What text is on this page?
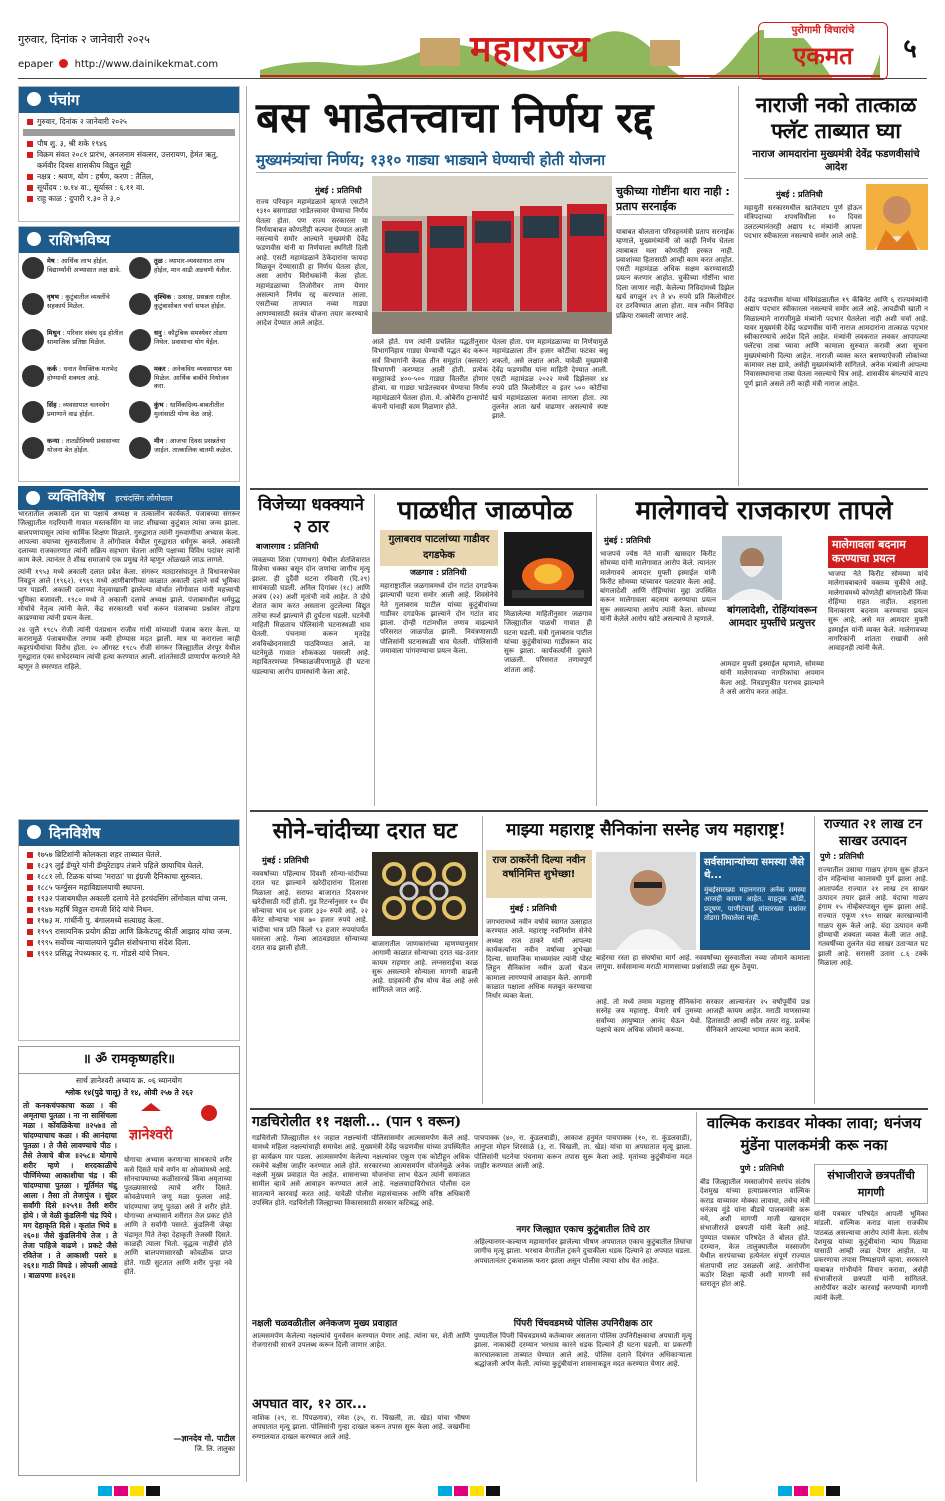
गुरुवार, दिनांक २ जानेवारी २०२५
epaper http://www.dainikekmat.com	महाराज्य	पुरोगामी विचारांचे
एकमत	५
पंचांग
गुरुवार, दिनांक २ जानेवारी २०२५
पौष शु. ३, श्री शके १९४६
विक्रम संवत २०८१ प्रारंभ, अनलनाम संवत्सर, उत्तरायण, हेमंत ऋतु, कर्मवीर दिवस शासकीय विद्युत सुट्टी
नक्षत्र : श्रवण, योग : हर्षण, करण : तैतिल,
सूर्योदय : ७.१४ वा., सूर्यास्त : ६.११ वा.
राहु काळ : दुपारी १.३० ते ३.०
राशिभविष्य
मेष : आर्थिक लाभ होईल. विद्यार्थ्यांनी अभ्यासात लक्ष द्यावे.
वृषभ : कुटुंबातील व्यक्तींचे सहकार्य मिळेल.
मिथुन : परिवार संबंध दृढ होतील सामाजिक प्रतिष्ठा मिळेल.
कर्क : धनात वैयक्तिक मतभेद होण्याची शक्यता आहे.
सिंह : व्यवसायात चलनवेग प्रमाणाने वाढ होईल.
कन्या : तातडीविषयी प्रवासाच्या योजना बेत होईल.
तुळ : व्यापार-व्यवसायात लाभ होईल, मान वाढी अडचणी येतील.
वृश्चिक : उत्साह, प्रसन्नता राहील. कुटुंबासोबत चर्चा सफल होईल.
धनु : कौटुंबिक समस्येवर तोडगा निघेल. प्रवासाचा योग येईल.
मकर : अनेकविध व्यवसायात यश मिळेल. आर्थिक बाबींचे नियोजन करा.
कुंभ : धार्मिकदिव्य-बाबतीतील मुलांसाठी योग्य वेळ आहे.
मीन : आजचा दिवस प्रसन्नतेचा जाईल. तात्कालिक बातमी कळेल.
व्यक्तिविशेष हरचंदसिंग लोंगोवाल

भारतातील अकाली दल या पक्षाचे अध्यक्ष व तत्कालीन कार्यकर्ते. पंजाबच्या संगरूर जिल्ह्यातील गदरियानी गावात मस्तकसिंग या जाट शीखच्या कुटुंबात त्यांचा जन्म झाला. बालपणापासून त्यांना धार्मिक शिक्षण मिळाले. गुरुद्वारात त्यांनी गुरुवाणीचा अभ्यास केला. आपल्या वयाच्या सुरुवातीलाच ते लोंगोवाल येथील गुरुद्वारात धर्मगुरू बनले. अकाली दलाच्या राजकारणात त्यांनी सक्रिय सहभाग घेतला आणि पक्षाच्या विविध पदांवर त्यांनी काम केले. त्यानंतर ते शीख समाजाचे एक प्रमुख नेते म्हणून ओळखले जाऊ लागले.

त्यांनी १९५३ मध्ये अकाली दलात प्रवेश केला. संगरूर मतदारसंघातून ते विधानसभेवर निवडून आले (१९६२). १९६९ मध्ये आणीबाणीच्या काळात अकाली दलाने सर्व भूमिका पार पाडली. अकाली दलाच्या नेतृत्वाखाली झालेल्या मोर्चात लोंगोवाल यांनी महत्त्वाची भूमिका बजावली. १९८० मध्ये ते अकाली दलाचे अध्यक्ष झाले. पंजाबमधील धर्मयुद्ध मोर्चाचे नेतृत्व त्यांनी केले. केंद्र सरकारशी चर्चा करून पंजाबच्या प्रश्नांवर तोडगा काढण्याचा त्यांनी प्रयत्न केला.

२४ जुलै १९८५ रोजी त्यांनी पंतप्रधान राजीव गांधी यांच्याशी पंजाब करार केला. या करारामुळे पंजाबमधील तणाव कमी होण्यास मदत झाली. मात्र या कराराला काही कट्टरपंथीयांचा विरोध होता. २० ऑगस्ट १९८५ रोजी संगरूर जिल्ह्यातील शेरपूर येथील गुरुद्वारात एका सभेदरम्यान त्यांची हत्या करण्यात आली. शांततेसाठी प्राणार्पण करणारे नेते म्हणून ते स्मरणात राहिले.

दिनविशेष
१७५७ ब्रिटिशांनी कोलकता शहर ताब्यात घेतले.
१८३९ लुई डॅग्युरे यांनी डॅग्युरेटाइप तंत्राने पहिले छायाचित्र घेतले.
१८८१ लो. टिळक यांच्या 'मराठा' चा इंग्रजी दैनिकाचा सुरुवात.
१८८५ फर्ग्युसन महाविद्यालयाची स्थापना.
१९३२ पंजाबमधील अकाली दलाचे नेते हरचंदसिंग लोंगोवाल यांचा जन्म.
१९४७ महर्षि विठ्ठल रामजी शिंदे यांचे निधन.
१९७३ म. गांधींनी पु. बंगालमध्ये सत्याग्रह केला.
१९५९ रासायनिक प्रयोग क्रीडा आणि क्रिकेटपटू कीर्ती आझाद यांचा जन्म.
१९९५ सर्वोच्च न्यायालयाने पुढील संशोधनाचा संदेश दिला.
१९९२ प्रसिद्ध नेपथ्यकार द. ग. गोडसे यांचे निधन.
॥ ॐ रामकृष्णहरि॥
सार्थ ज्ञानेश्वरी अध्याय क्र. ०६ ध्यानयोग
श्लोक १४(पुढे चालू) ते १४, ओवी २५७ ते २६२
तो कनकचंपकाचा कळा । की अमृताचा पुतळा । ना ना सासिंचला मळा । कोंवळिकेचा ॥२५७॥ तो चांदण्याचाच कळा । की आनंदाचा पुतळा । ते जैसे लावण्याचे पीठ । तैसे तेजाचे बीज ॥२५८॥ योगाचे शरीर म्हणे । शरदकाळीचे पौर्णिमेच्या आकाशीचा चंद्र । की चांदण्याचा पुतळा । मूर्तिमंत चंद्रु आला । तैसा तो तेजःपुंज । सुंदर सर्वांगी दिसे ॥२५९॥ तैसी शरीर होये । जे वेळी कुंडलिनी चंद्र पिये । मग देहाकृति दिसे । कृतांत भिये ॥२६०॥ जैसे कुंडलिनीचे तेज । ते तेजा पाहिजे वाढणे । प्रकटे जैसे रवितेज । ते आकाशी पसरे ॥२६१॥ गाठी विघडे । लोपली आवडे । बाळपणा ॥२६२॥
ज्ञानेश्वरी
योगाचा अभ्यास करणाऱ्या साधकाचे शरीर कसे दिसते याचे वर्णन या ओव्यांमध्ये आहे. सोनचाफ्याच्या कळीसारखे किंवा अमृताच्या पुतळ्यासारखे त्याचे शरीर दिसते. कोवळेपणाने जणू मळा फुलला आहे. चांदण्याचा जणू पुतळा असे ते शरीर होते. योगाच्या अभ्यासाने शरीरात तेज प्रकट होते आणि ते सर्वांगी पसरते. कुंडलिनी जेव्हा चंद्रामृत पिते तेव्हा देहाकृती तेजस्वी दिसते. काळही त्याला भितो. वृद्धत्व नाहीसे होते आणि बालपणासारखी कोवळीक प्राप्त होते. गाठी सुटतात आणि शरीर पुन्हा नवे होते.
—ज्ञानदेव गो. पाटील
जि. लि. तालुका
बस भाडेतत्त्वाचा निर्णय रद्द
मुख्यमंत्र्यांचा निर्णय; १३१० गाड्या भाड्याने घेण्याची होती योजना
मुंबई : प्रतिनिधी
राज्य परिवहन महामंडळाने म्हणजे एसटीने १३१० बसगाड्या भाडेतत्त्वावर घेण्याचा निर्णय घेतला होता. पण राज्य सरकारला या निर्णयाबाबत कोणतीही कल्पना देण्यात आली नसल्याचे समोर आल्याने मुख्यमंत्री देवेंद्र फडणवीस यांनी या निर्णयाला स्थगिती दिली आहे. एसटी महामंडळाने ठेकेदारांना फायदा मिळवून देण्यासाठी हा निर्णय घेतला होता, असा आरोप विरोधकांनी केला होता. महामंडळाच्या तिजोरीवर ताण येणार असल्याने निर्णय रद्द करण्यात आला. एसटीच्या ताफ्यात नव्या गाड्या आणण्यासाठी स्वतंत्र योजना तयार करण्याचे आदेश देण्यात आले आहेत.
आले होते. पण त्यांनी प्रचलित पद्धतीनुसार विभागनिहाय गाड्या घेण्याची पद्धत बंद करून सर्व विभागांनी केवळ तीन समूहांत (क्लस्टर) विभागणी करण्यात आली होती. प्रत्येक समूहाकडे ४००-५०० गाड्या वितरीत होणार होत्या. या गाड्या भाडेतत्त्वावर घेण्याचा निर्णय महामंडळाने घेतला होता. मे. ओबेरॉय ट्रान्सपोर्ट कंपनी यांनाही काम मिळणार होते.
घेतला होता. पण महामंडळाच्या या निर्णयामुळे महामंडळाला तीन हजार कोटींचा फटका बसू शकतो, असे लक्षात आले. यावेळी मुख्यमंत्री देवेंद्र फडणवीस यांना माहिती देण्यात आली. एसटी महामंडळ २०२२ मध्ये डिझेलवर ४४ रुपये प्रति किलोमीटर व इतर ५०० कोटींचा खर्च महामंडळाला करावा लागला होता. त्या तुलनेत आता खर्च वाढणार असल्याचे स्पष्ट झाले.
चुकीच्या गोष्टींना थारा नाही : प्रताप सरनाईक
याबाबत बोलताना परिवहनमंत्री प्रताप सरनाईक म्हणाले, मुख्यमंत्र्यांनी जो काही निर्णय घेतला त्याबाबत मला कोणतीही हरकत नाही. प्रवाशांच्या हितासाठी आम्ही काम करत आहोत. एसटी महामंडळ अधिक सक्षम करण्यासाठी प्रयत्न करणार आहोत. चुकीच्या गोष्टींना थारा दिला जाणार नाही. केलेल्या निविदांमध्ये डिझेल खर्च वगळून २९ ते ४५ रुपये प्रति किलोमीटर दर ठरविण्यात आला होता. मात्र नवीन निविदा प्रक्रिया राबवली जाणार आहे.
नाराजी नको तात्काळ फ्लॅट ताब्यात घ्या
नाराज आमदारांना मुख्यमंत्री देवेंद्र फडणवीसांचे आदेश
मुंबई : प्रतिनिधी
महायुती सरकारमधील खातेवाटप पूर्ण होऊन मंत्रिपदाच्या शपथविधीला १० दिवस उलटल्यानंतरही अद्याप १८ मंत्र्यांनी आपला पदभार स्वीकारला नसल्याचे समोर आले आहे.
देवेंद्र फडणवीस यांच्या मंत्रिमंडळातील १९ कॅबिनेट आणि ६ राज्यमंत्र्यांनी अद्याप पदभार स्वीकारला नसल्याचे समोर आले आहे. आवडीची खाती न मिळाल्याने नाराजीमुळे मंत्र्यांनी पदभार घेतलेला नाही अशी चर्चा आहे. यावर मुख्यमंत्री देवेंद्र फडणवीस यांनी नाराज आमदारांना तात्काळ पदभार स्वीकारण्याचे आदेश दिले आहेत. मंत्र्यांनी लवकरात लवकर आपापल्या फ्लॅटचा ताबा घ्यावा आणि कामाला सुरुवात करावी अशा सूचना मुख्यमंत्र्यांनी दिल्या आहेत. नाराजी व्यक्त करत बसण्याऐवजी लोकांच्या कामावर लक्ष द्यावे, असेही मुख्यमंत्र्यांनी सांगितले. अनेक मंत्र्यांनी आपल्या निवासस्थानाचा ताबा घेतला नसल्याचे चित्र आहे. शासकीय बंगल्यांचे वाटप पूर्ण झाले असले तरी काही मंत्री नाराज आहेत.
विजेच्या धक्क्याने २ ठार
बाजारगाव : प्रतिनिधी
जवळच्या शिवा (पाणधरा) येथील शेतशिवारात विजेचा धक्का बसून दोन जणांचा जागीच मृत्यू झाला. ही दुर्दैवी घटना रविवारी (दि.२९) सायंकाळी घडली. अनिल दिगांबर (१८) आणि अजय (२२) अशी मृतांची नावे आहेत. ते दोघे शेतात काम करत असताना तुटलेल्या विद्युत तारेचा स्पर्श झाल्याने ही दुर्घटना घडली. घटनेची माहिती मिळताच पोलिसांनी घटनास्थळी धाव घेतली. पंचनामा करून मृतदेह शवविच्छेदनासाठी पाठविण्यात आले. या घटनेमुळे गावात शोककळा पसरली आहे. महावितरणच्या निष्काळजीपणामुळे ही घटना घडल्याचा आरोप ग्रामस्थांनी केला आहे.
पाळधीत जाळपोळ
गुलाबराव पाटलांच्या गाडीवर दगडफेक
जळगाव : प्रतिनिधी
महाराष्ट्रातील जळगावमध्ये दोन गटांत दगडफेक झाल्याची घटना समोर आली आहे. शिवसेनेचे नेते गुलाबराव पाटील यांच्या कुटुंबीयांच्या गाडीवर दगडफेक झाल्याने दोन गटांत वाद झाला. दोन्ही गटांमधील तणाव वाढल्याने परिसरात जाळपोळ झाली. नियंत्रणासाठी पोलिसांनी घटनास्थळी धाव घेतली. पोलिसांनी जमावाला पांगवण्याचा प्रयत्न केला.
मिळालेल्या माहितीनुसार जळगाव जिल्ह्यातील पाळधी गावात ही घटना घडली. मंत्री गुलाबराव पाटील यांच्या कुटुंबीयांच्या गाडीवरून वाद सुरू झाला. कार्यकर्त्यांनी दुकाने जाळली. परिसरात तणावपूर्ण शांतता आहे.
मालेगावचे राजकारण तापले
मुंबई : प्रतिनिधी
भाजपचे ज्येष्ठ नेते माजी खासदार किरीट सोमय्या यांनी मालेगावात आरोप केले. त्यानंतर मालेगावचे आमदार मुफ्ती इस्माईल यांनी किरीट सोमय्या यांच्यावर पलटवार केला आहे. बांगलादेशी आणि रोहिंग्यांचा मुद्दा उपस्थित करून मालेगावला बदनाम करण्याचा प्रयत्न सुरू असल्याचा आरोप त्यांनी केला. सोमय्या यांनी केलेले आरोप खोटे असल्याचे ते म्हणाले.
बांगलादेशी, रोहिंग्यांवरून आमदार मुफ्तींचे प्रत्युत्तर
आमदार मुफ्ती इस्माईल म्हणाले, सोमय्या यांनी मालेगावच्या नागरिकांचा अपमान केला आहे. निवडणुकीत पराभव झाल्याने ते असे आरोप करत आहेत.
मालेगावला बदनाम करण्याचा प्रयत्न
भाजपा नेते किरीट सोमय्या यांचे मालेगावबाबतचे वक्तव्य चुकीचे आहे. मालेगावमध्ये कोणतेही बांगलादेशी किंवा रोहिंग्या राहत नाहीत. शहराला विनाकारण बदनाम करण्याचा प्रयत्न सुरू आहे, असे मत आमदार मुफ्ती इस्माईल यांनी व्यक्त केले. मालेगावच्या नागरिकांनी शांतता राखावी असे आवाहनही त्यांनी केले.
सोने-चांदीच्या दरात घट
मुंबई : प्रतिनिधी
नववर्षाच्या पहिल्याच दिवशी सोन्या-चांदीच्या दरात घट झाल्याने खरेदीदारांना दिलासा मिळाला आहे. सराफा बाजारात दिवसभर खरेदीसाठी गर्दी होती. गुड रिटर्न्सनुसार १० ग्रॅम सोन्याचा भाव ७१ हजार ३३० रुपये आहे. २२ कॅरेट सोन्याचा भाव ७० हजार रुपये आहे. चांदीचा भाव प्रति किलो ९२ हजार रुपयांपर्यंत घसरला आहे. गेल्या आठवड्यात सोन्याच्या दरात वाढ झाली होती.
बाजारातील जाणकारांच्या म्हणण्यानुसार आगामी काळात सोन्याच्या दरात चढ-उतार कायम राहणार आहे. लग्नसराईचा काळ सुरू असल्याने सोन्याला मागणी वाढली आहे. ग्राहकांनी हीच योग्य वेळ आहे असे सांगितले जात आहे.
माझ्या महाराष्ट्र सैनिकांना सस्नेह जय महाराष्ट्र!
राज ठाकरेंनी दिल्या नवीन वर्षानिमित्त शुभेच्छा!
मुंबई : प्रतिनिधी
जगभरामध्ये नवीन वर्षाचे स्वागत उत्साहात करण्यात आले. महाराष्ट्र नवनिर्माण सेनेचे अध्यक्ष राज ठाकरे यांनी आपल्या कार्यकर्त्यांना नवीन वर्षाच्या शुभेच्छा दिल्या. सामाजिक माध्यमांवर त्यांनी पोस्ट लिहून सैनिकांना नवीन ऊर्जा घेऊन कामाला लागण्याचे आवाहन केले. आगामी काळात पक्षाला अधिक मजबूत करण्याचा निर्धार व्यक्त केला.
सर्वसामान्यांच्या समस्या जैसे थे...
मुंबईसारख्या महानगरात अनेक समस्या आजही कायम आहेत. वाहतूक कोंडी, प्रदूषण, पाणीटंचाई यांसारख्या प्रश्नांवर तोडगा निघालेला नाही.
बाहेरचा रस्ता हा संघर्षाचा मार्ग आहे. नववर्षाच्या सुरुवातीला नव्या जोमाने कामाला लागूया. सर्वसामान्य मराठी माणसाच्या प्रश्नांसाठी लढा सुरू ठेवूया.
आहे. तो मध्ये तमाम महाराष्ट्र सैनिकांना सस्नेह जय महाराष्ट्र. येणारे वर्ष तुमच्या सर्वांच्या आयुष्यात आनंद घेऊन येवो. पक्षाचे काम अधिक जोमाने करूया.
सरकार आल्यानंतर २५ वर्षांपूर्वीचे प्रश्न आजही कायम आहेत. मराठी माणसाच्या हितासाठी आम्ही सदैव तत्पर राहू. प्रत्येक सैनिकाने आपल्या भागात काम करावे.
राज्यात २१ लाख टन साखर उत्पादन
पुणे : प्रतिनिधी
राज्यातील उसाचा गाळप हंगाम सुरू होऊन दोन महिन्यांचा कालावधी पूर्ण झाला आहे. आतापर्यंत राज्यात २१ लाख टन साखर उत्पादन तयार झाले आहे. यंदाचा गाळप हंगाम १५ नोव्हेंबरपासून सुरू झाला आहे. राज्यात एकूण १९० साखर कारखान्यांनी गाळप सुरू केले आहे. यंदा उत्पादन कमी होण्याची शक्यता व्यक्त केली जात आहे. गतवर्षीच्या तुलनेत यंदा साखर उताऱ्यात घट झाली आहे. सरासरी उतारा ८.६ टक्के मिळाला आहे.
गडचिरोलीत ११ नक्षली... (पान ९ वरून)
गडचिरोली जिल्ह्यातील ११ जहाल नक्षल्यांनी पोलिसांसमोर आत्मसमर्पण केले आहे. यामध्ये महिला नक्षल्यांचाही समावेश आहे. मुख्यमंत्री देवेंद्र फडणवीस यांच्या उपस्थितीत हा कार्यक्रम पार पडला. आत्मसमर्पण केलेल्या नक्षल्यांवर एकूण एक कोटीहून अधिक रकमेचे बक्षीस जाहीर करण्यात आले होते. सरकारच्या आत्मसमर्पण योजनेमुळे अनेक नक्षली मुख्य प्रवाहात येत आहेत. शासनाच्या योजनांचा लाभ घेऊन त्यांनी समाजात सामील व्हावे असे आवाहन करण्यात आले आहे. नक्षलवादाविरोधात पोलीस दल सातत्याने कारवाई करत आहे. यावेळी पोलीस महासंचालक आणि वरिष्ठ अधिकारी उपस्थित होते. गडचिरोली जिल्ह्याच्या विकासासाठी सरकार कटिबद्ध आहे.
नक्षली चळवळीतील अनेकजण मुख्य प्रवाहात
आत्मसमर्पण केलेल्या नक्षल्यांचे पुनर्वसन करण्यात येणार आहे. त्यांना घर, शेती आणि रोजगाराची साधने उपलब्ध करून दिली जाणार आहेत.
अपघात वार, १२ ठार...
नाशिक (२९, रा. पिंपळगाव), रमेश (३५, रा. चिखली, ता. खेड) यांचा भीषण अपघातात मृत्यू झाला. पोलिसांनी गुन्हा दाखल करून तपास सुरू केला आहे. जखमींना रुग्णालयात दाखल करण्यात आले आहे.
पाचपाक्क (४०, रा. कुंडलवाडी), आकाश हनुमंत पाचपाक्क (१०, रा. कुंडलवाडी), आनुप्ता मोहन शिरसाळे (३, रा. चिखली, ता. खेड) यांचा या अपघातात मृत्यू झाला. पोलिसांनी घटनेचा पंचनामा करून तपास सुरू केला आहे. मृतांच्या कुटुंबीयांना मदत जाहीर करण्यात आली आहे.
नगर जिल्ह्यात एकाच कुटुंबातील तिघे ठार
अहिल्यानगर-कल्याण महामार्गावर झालेल्या भीषण अपघातात एकाच कुटुंबातील तिघांचा जागीच मृत्यू झाला. भरधाव वेगातील ट्रकने दुचाकीला धडक दिल्याने हा अपघात घडला. अपघातानंतर ट्रकचालक फरार झाला असून पोलीस त्याचा शोध घेत आहेत.
पिंपरी चिंचवडमध्ये पोलिस उपनिरीक्षक ठार
पुण्यातील पिंपरी चिंचवडमध्ये कर्तव्यावर असताना पोलिस उपनिरीक्षकाचा अपघाती मृत्यू झाला. नाकाबंदी दरम्यान भरधाव कारने धडक दिल्याने ही घटना घडली. या प्रकरणी कारचालकाला ताब्यात घेण्यात आले आहे. पोलिस दलाने दिवंगत अधिकाऱ्याला श्रद्धांजली अर्पण केली. त्यांच्या कुटुंबीयांना शासनाकडून मदत करण्यात येणार आहे.
वाल्मिक कराडवर मोक्का लावा; धनंजय मुंडेंना पालकमंत्री करू नका
पुणे : प्रतिनिधी
बीड जिल्ह्यातील मस्साजोगचे सरपंच संतोष देशमुख यांच्या हत्याप्रकरणात वाल्मिक कराड याच्यावर मोक्का लावावा, तसेच मंत्री धनंजय मुंडे यांना बीडचे पालकमंत्री करू नये, अशी मागणी माजी खासदार संभाजीराजे छत्रपती यांनी केली आहे. पुण्यात पत्रकार परिषदेत ते बोलत होते. दरम्यान, केज तालुक्यातील मस्साजोग येथील सरपंचाच्या हत्येनंतर संपूर्ण राज्यात संतापाची लाट उसळली आहे. आरोपींना कठोर शिक्षा व्हावी अशी मागणी सर्व स्तरातून होत आहे.
संभाजीराजे छत्रपतींची मागणी
यांनी पत्रकार परिषदेत आपली भूमिका मांडली. वाल्मिक कराड याला राजकीय पाठबळ असल्याचा आरोप त्यांनी केला. संतोष देशमुख यांच्या कुटुंबीयांना न्याय मिळावा यासाठी आम्ही लढा देणार आहोत. या प्रकरणाचा तपास निष्पक्षपणे व्हावा. सरकारने याबाबत गांभीर्याने विचार करावा, असेही संभाजीराजे छत्रपती यांनी सांगितले. आरोपींवर कठोर कारवाई करण्याची मागणी त्यांनी केली.
